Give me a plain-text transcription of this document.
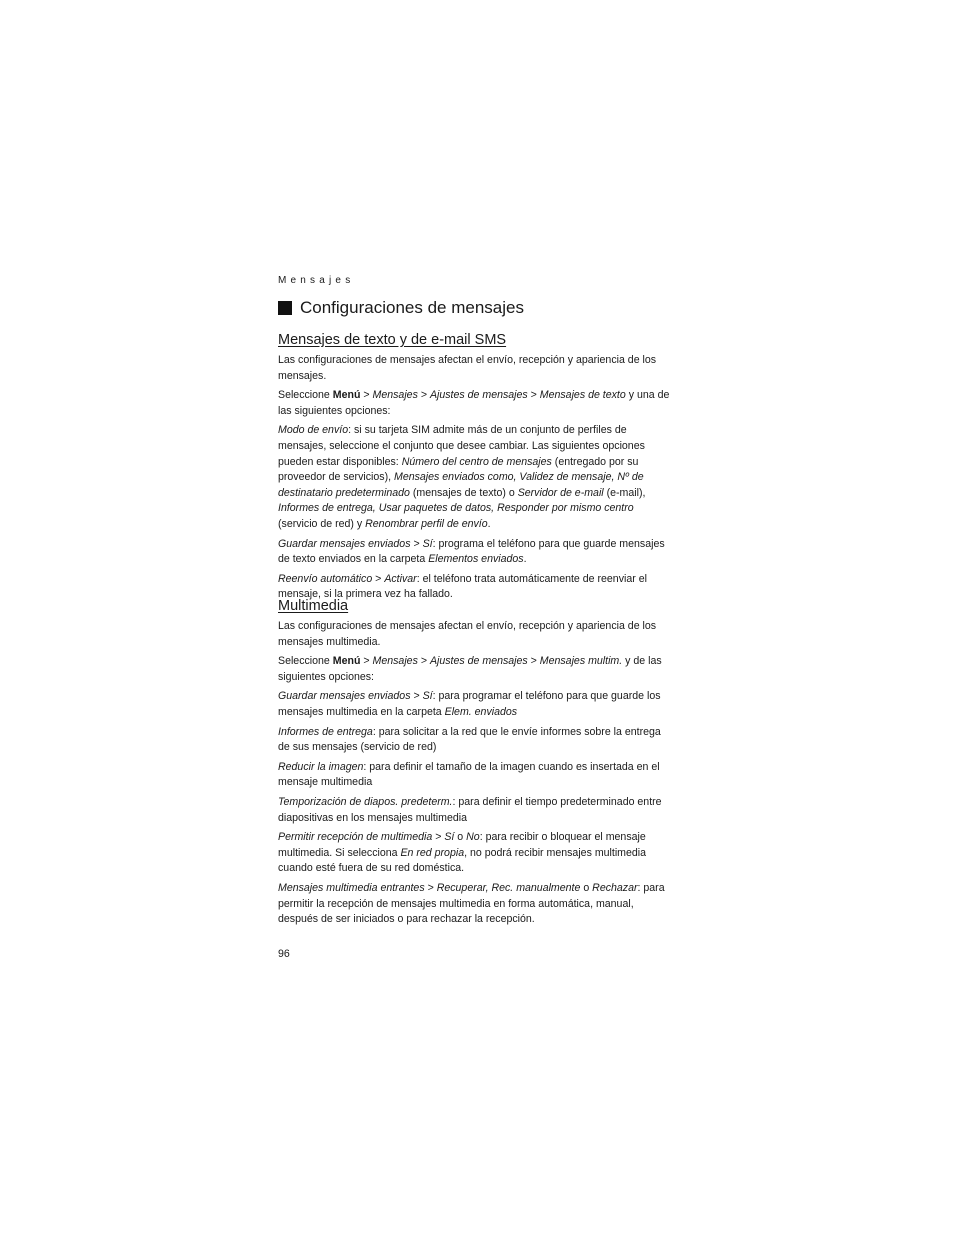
Mensajes
Configuraciones de mensajes
Mensajes de texto y de e-mail SMS

Las configuraciones de mensajes afectan el envío, recepción y apariencia de los mensajes.

Seleccione Menú > Mensajes > Ajustes de mensajes > Mensajes de texto y una de las siguientes opciones:

Modo de envío: si su tarjeta SIM admite más de un conjunto de perfiles de mensajes, seleccione el conjunto que desee cambiar. Las siguientes opciones pueden estar disponibles: Número del centro de mensajes (entregado por su proveedor de servicios), Mensajes enviados como, Validez de mensaje, Nº de destinatario predeterminado (mensajes de texto) o Servidor de e-mail (e-mail), Informes de entrega, Usar paquetes de datos, Responder por mismo centro (servicio de red) y Renombrar perfil de envío.

Guardar mensajes enviados > Sí: programa el teléfono para que guarde mensajes de texto enviados en la carpeta Elementos enviados.

Reenvío automático > Activar: el teléfono trata automáticamente de reenviar el mensaje, si la primera vez ha fallado.

Multimedia

Las configuraciones de mensajes afectan el envío, recepción y apariencia de los mensajes multimedia.

Seleccione Menú > Mensajes > Ajustes de mensajes > Mensajes multim. y de las siguientes opciones:

Guardar mensajes enviados > Sí: para programar el teléfono para que guarde los mensajes multimedia en la carpeta Elem. enviados

Informes de entrega: para solicitar a la red que le envíe informes sobre la entrega de sus mensajes (servicio de red)

Reducir la imagen: para definir el tamaño de la imagen cuando es insertada en el mensaje multimedia

Temporización de diapos. predeterm.: para definir el tiempo predeterminado entre diapositivas en los mensajes multimedia

Permitir recepción de multimedia > Sí o No: para recibir o bloquear el mensaje multimedia. Si selecciona En red propia, no podrá recibir mensajes multimedia cuando esté fuera de su red doméstica.

Mensajes multimedia entrantes > Recuperar, Rec. manualmente o Rechazar: para permitir la recepción de mensajes multimedia en forma automática, manual, después de ser iniciados o para rechazar la recepción.

96
